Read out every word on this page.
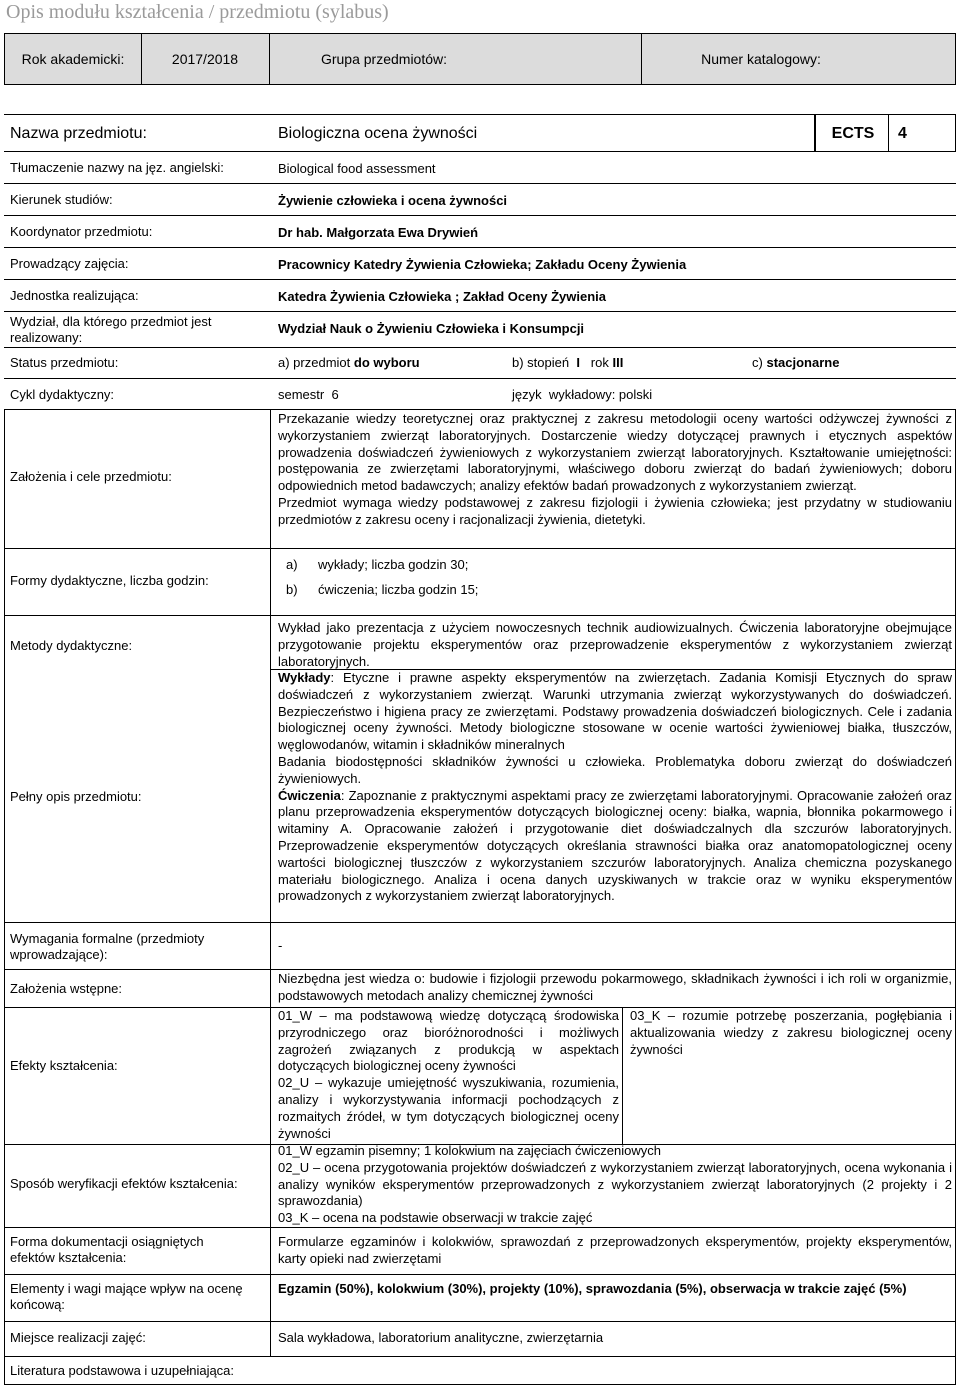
Opis modułu kształcenia / przedmiotu (sylabus)
Rok akademicki:	2017/2018	Grupa przedmiotów:	Numer katalogowy:
Nazwa przedmiotu:	Biologiczna ocena żywności	ECTS	4
Tłumaczenie nazwy na jęz. angielski:	Biological food assessment
Kierunek studiów:	Żywienie człowieka i ocena żywności
Koordynator przedmiotu:	Dr hab. Małgorzata Ewa Drywień
Prowadzący zajęcia:	Pracownicy Katedry Żywienia Człowieka; Zakładu Oceny Żywienia
Jednostka realizująca:	Katedra Żywienia Człowieka ; Zakład Oceny Żywienia
Wydział, dla którego przedmiot jest realizowany:
Wydział Nauk o Żywieniu Człowieka i Konsumpcji
Status przedmiotu:	a) przedmiot do wyboru	b) stopień I rok III	c) stacjonarne
Cykl dydaktyczny:	semestr  6	język  wykładowy: polski
Założenia i cele przedmiotu:
Przekazanie wiedzy teoretycznej oraz praktycznej z zakresu metodologii oceny wartości odżywczej żywności z wykorzystaniem zwierząt laboratoryjnych. Dostarczenie wiedzy dotyczącej prawnych i etycznych aspektów prowadzenia doświadczeń żywieniowych z wykorzystaniem zwierząt laboratoryjnych. Kształtowanie umiejętności: postępowania ze zwierzętami laboratoryjnymi, właściwego doboru zwierząt do badań żywieniowych; doboru odpowiednich metod badawczych; analizy efektów badań prowadzonych z wykorzystaniem zwierząt.
Przedmiot wymaga wiedzy podstawowej z zakresu fizjologii i żywienia człowieka; jest przydatny w studiowaniu przedmiotów z zakresu oceny i racjonalizacji żywienia, dietetyki.
Formy dydaktyczne, liczba godzin:
a) wykłady; liczba godzin 30;
b) ćwiczenia; liczba godzin 15;
Metody dydaktyczne:
Wykład jako prezentacja z użyciem nowoczesnych technik audiowizualnych. Ćwiczenia laboratoryjne obejmujące przygotowanie projektu eksperymentów oraz przeprowadzenie eksperymentów z wykorzystaniem zwierząt laboratoryjnych.
Pełny opis przedmiotu:
Wykłady: Etyczne i prawne aspekty eksperymentów na zwierzętach. Zadania Komisji Etycznych do spraw doświadczeń z wykorzystaniem zwierząt. Warunki utrzymania zwierząt wykorzystywanych do doświadczeń. Bezpieczeństwo i higiena pracy ze zwierzętami. Podstawy prowadzenia doświadczeń biologicznych. Cele i zadania biologicznej oceny żywności. Metody biologiczne stosowane w ocenie wartości żywieniowej białka, tłuszczów, węglowodanów, witamin i składników mineralnych
Badania biodostępności składników żywności u człowieka. Problematyka doboru zwierząt do doświadczeń żywieniowych.
Ćwiczenia: Zapoznanie z praktycznymi aspektami pracy ze zwierzętami laboratoryjnymi. Opracowanie założeń oraz planu przeprowadzenia eksperymentów dotyczących biologicznej oceny: białka, wapnia, błonnika pokarmowego i witaminy A. Opracowanie założeń i przygotowanie diet doświadczalnych dla szczurów laboratoryjnych. Przeprowadzenie eksperymentów dotyczących określania strawności białka oraz anatomopatologicznej oceny wartości biologicznej tłuszczów z wykorzystaniem szczurów laboratoryjnych. Analiza chemiczna pozyskanego materiału biologicznego. Analiza i ocena danych uzyskiwanych w trakcie oraz w wyniku eksperymentów prowadzonych z wykorzystaniem zwierząt laboratoryjnych.
Wymagania formalne (przedmioty wprowadzające):
-
Założenia wstępne:
Niezbędna jest wiedza o: budowie i fizjologii przewodu pokarmowego, składnikach żywności i ich roli w organizmie, podstawowych metodach analizy chemicznej żywności
Efekty kształcenia:
01_W – ma podstawową wiedzę dotyczącą środowiska przyrodniczego oraz bioróżnorodności i możliwych zagrożeń związanych z produkcją w aspektach dotyczących biologicznej oceny żywności
02_U – wykazuje umiejętność wyszukiwania, rozumienia, analizy i wykorzystywania informacji pochodzących z rozmaitych źródeł, w tym dotyczących biologicznej oceny żywności
03_K – rozumie potrzebę poszerzania, pogłębiania i aktualizowania wiedzy z zakresu biologicznej oceny żywności
Sposób weryfikacji efektów kształcenia:
01_W egzamin pisemny; 1 kolokwium na zajęciach ćwiczeniowych
02_U – ocena przygotowania projektów doświadczeń z wykorzystaniem zwierząt laboratoryjnych, ocena wykonania i analizy wyników eksperymentów przeprowadzonych z wykorzystaniem zwierząt laboratoryjnych (2 projekty i 2 sprawozdania)
03_K – ocena na podstawie obserwacji w trakcie zajęć
Forma dokumentacji osiągniętych efektów kształcenia:
Formularze egzaminów i kolokwiów, sprawozdań z przeprowadzonych eksperymentów, projekty eksperymentów, karty opieki nad zwierzętami
Elementy i wagi mające wpływ na ocenę końcową:
Egzamin (50%), kolokwium (30%), projekty (10%), sprawozdania (5%), obserwacja w trakcie zajęć (5%)
Miejsce realizacji zajęć:	Sala wykładowa, laboratorium analityczne, zwierzętarnia
Literatura podstawowa i uzupełniająca:
